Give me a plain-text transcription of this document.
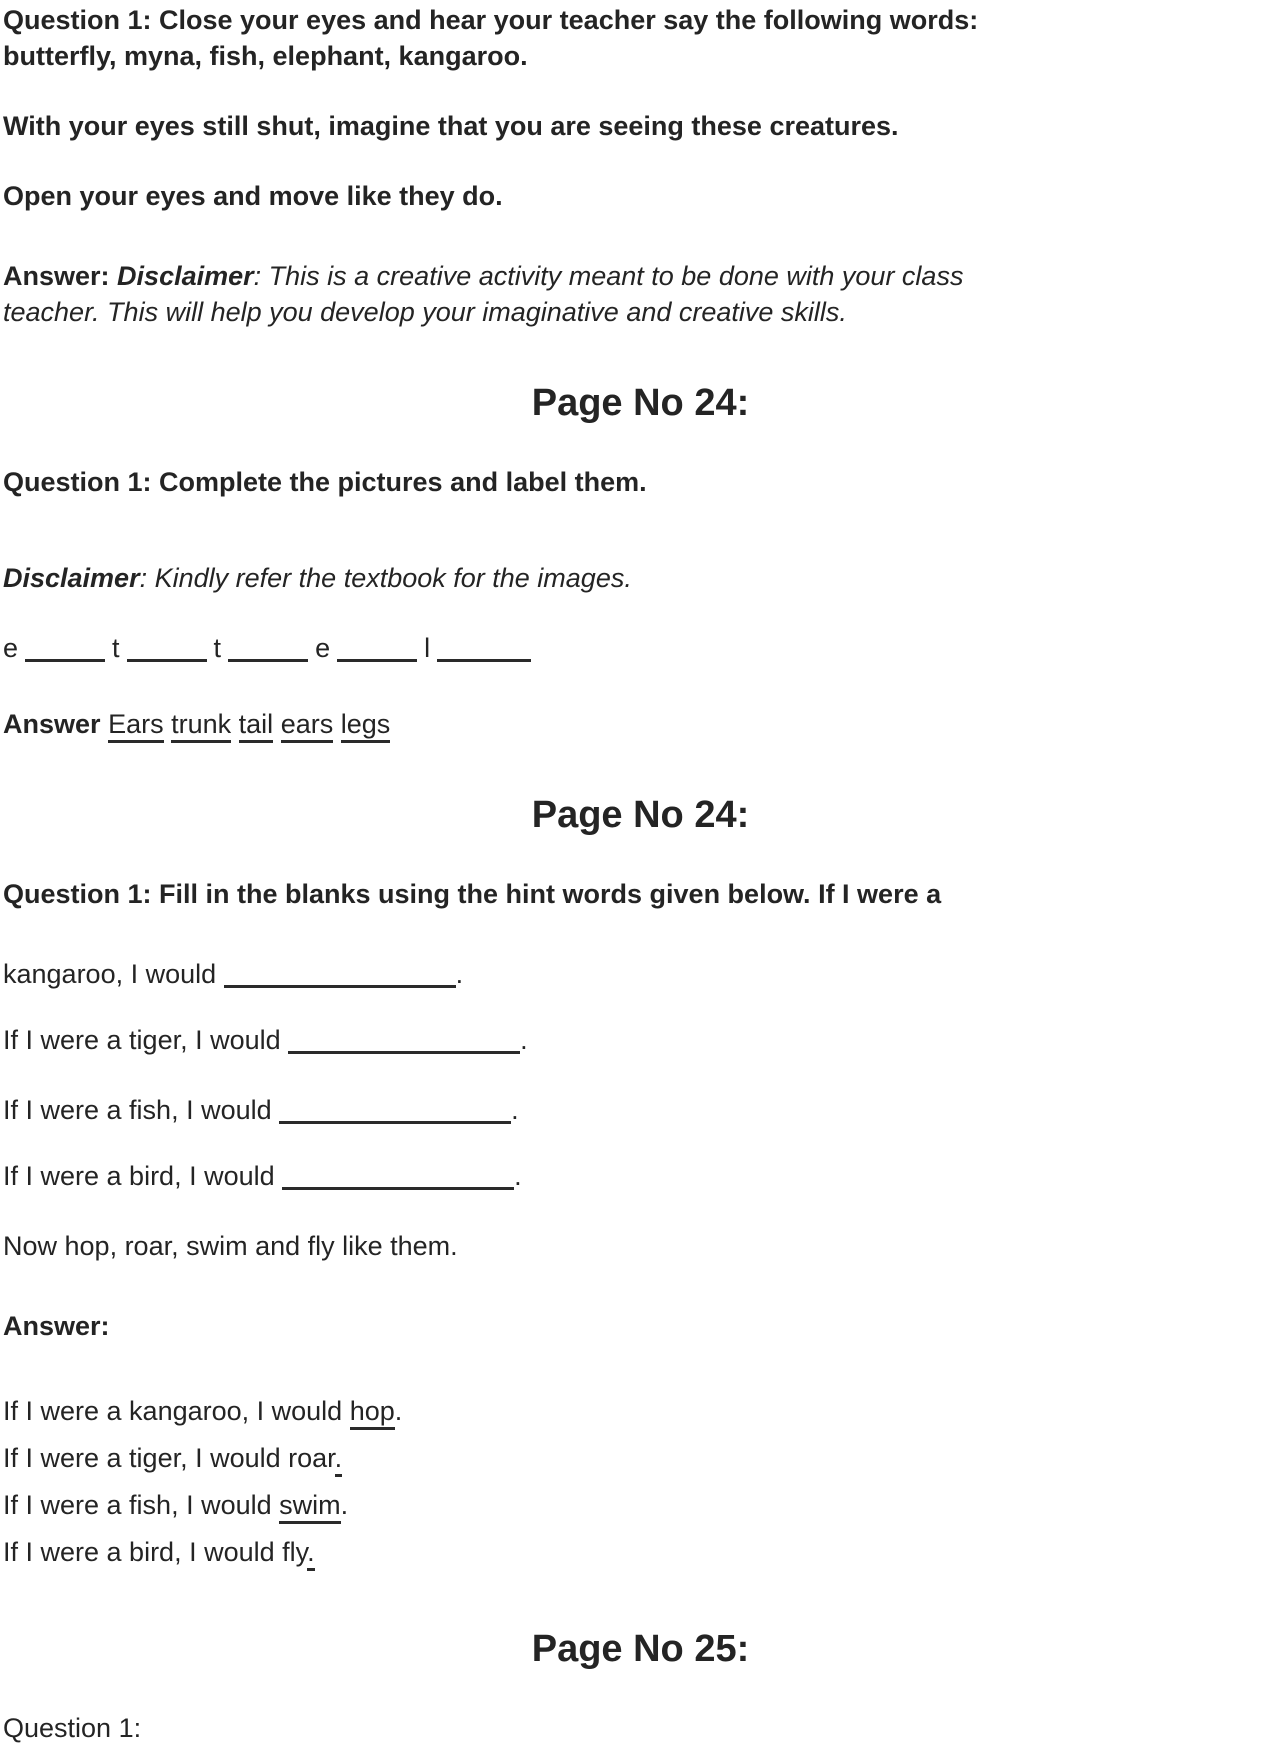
Question 1: Close your eyes and hear your teacher say the following words:
butterfly, myna, fish, elephant, kangaroo.

With your eyes still shut, imagine that you are seeing these creatures.

Open your eyes and move like they do.

Answer: Disclaimer: This is a creative activity meant to be done with your class
teacher. This will help you develop your imaginative and creative skills.

Page No 24:

Question 1: Complete the pictures and label them.

Disclaimer: Kindly refer the textbook for the images.

e	t	t	e	l

Answer Ears trunk tail ears legs

Page No 24:

Question 1: Fill in the blanks using the hint words given below. If I were a

kangaroo, I would	.

If I were a tiger, I would	.

If I were a fish, I would	.

If I were a bird, I would	.

Now hop, roar, swim and fly like them.

Answer:

If I were a kangaroo, I would hop.
If I were a tiger, I would roar.
If I were a fish, I would swim.
If I were a bird, I would fly.
Page No 25:

Question 1:
